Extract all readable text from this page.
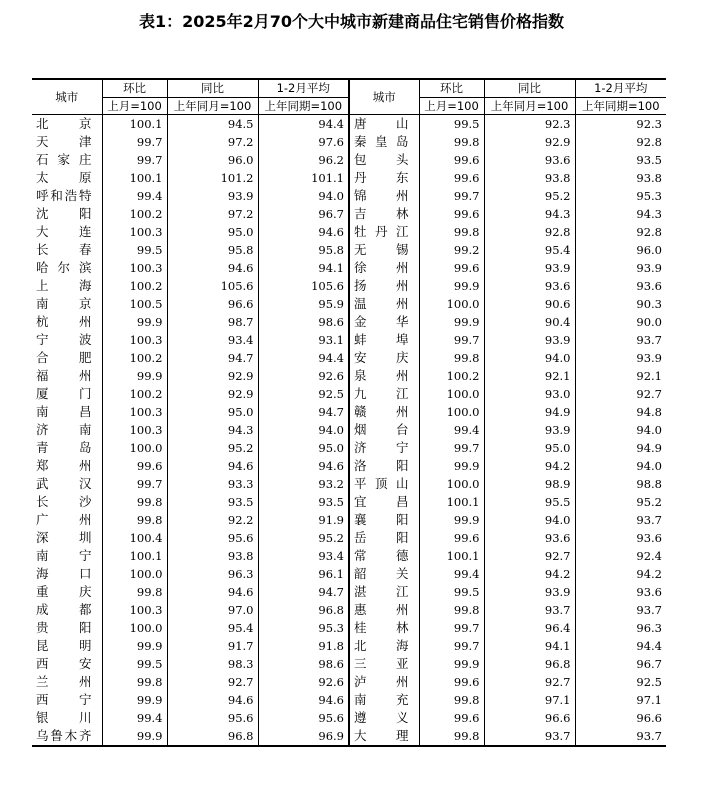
表1：2025年2月70个大中城市新建商品住宅销售价格指数
城市	环比	同比	1-2月平均	城市	环比	同比	1-2月平均
	上月=100	上年同月=100	上年同期=100		上月=100	上年同月=100	上年同期=100
北京	100.1	94.5	94.4	唐山	99.5	92.3	92.3
天津	99.7	97.2	97.6	秦皇岛	99.8	92.9	92.8
石家庄	99.7	96.0	96.2	包头	99.6	93.6	93.5
太原	100.1	101.2	101.1	丹东	99.6	93.8	93.8
呼和浩特	99.4	93.9	94.0	锦州	99.7	95.2	95.3
沈阳	100.2	97.2	96.7	吉林	99.6	94.3	94.3
大连	100.3	95.0	94.6	牡丹江	99.8	92.8	92.8
长春	99.5	95.8	95.8	无锡	99.2	95.4	96.0
哈尔滨	100.3	94.6	94.1	徐州	99.6	93.9	93.9
上海	100.2	105.6	105.6	扬州	99.9	93.6	93.6
南京	100.5	96.6	95.9	温州	100.0	90.6	90.3
杭州	99.9	98.7	98.6	金华	99.9	90.4	90.0
宁波	100.3	93.4	93.1	蚌埠	99.7	93.9	93.7
合肥	100.2	94.7	94.4	安庆	99.8	94.0	93.9
福州	99.9	92.9	92.6	泉州	100.2	92.1	92.1
厦门	100.2	92.9	92.5	九江	100.0	93.0	92.7
南昌	100.3	95.0	94.7	赣州	100.0	94.9	94.8
济南	100.3	94.3	94.0	烟台	99.4	93.9	94.0
青岛	100.0	95.2	95.0	济宁	99.7	95.0	94.9
郑州	99.6	94.6	94.6	洛阳	99.9	94.2	94.0
武汉	99.7	93.3	93.2	平顶山	100.0	98.9	98.8
长沙	99.8	93.5	93.5	宜昌	100.1	95.5	95.2
广州	99.8	92.2	91.9	襄阳	99.9	94.0	93.7
深圳	100.4	95.6	95.2	岳阳	99.6	93.6	93.6
南宁	100.1	93.8	93.4	常德	100.1	92.7	92.4
海口	100.0	96.3	96.1	韶关	99.4	94.2	94.2
重庆	99.8	94.6	94.7	湛江	99.5	93.9	93.6
成都	100.3	97.0	96.8	惠州	99.8	93.7	93.7
贵阳	100.0	95.4	95.3	桂林	99.7	96.4	96.3
昆明	99.9	91.7	91.8	北海	99.7	94.1	94.4
西安	99.5	98.3	98.6	三亚	99.9	96.8	96.7
兰州	99.8	92.7	92.6	泸州	99.6	92.7	92.5
西宁	99.9	94.6	94.6	南充	99.8	97.1	97.1
银川	99.4	95.6	95.6	遵义	99.6	96.6	96.6
乌鲁木齐	99.9	96.8	96.9	大理	99.8	93.7	93.7
